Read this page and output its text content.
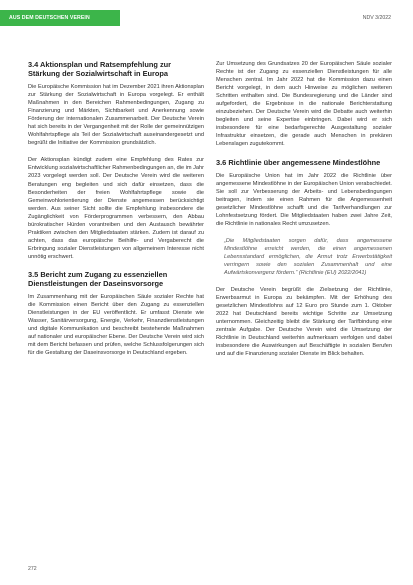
AUS DEM DEUTSCHEN VEREIN	NDV 3/2022
3.4 Aktionsplan und Ratsempfehlung zur Stärkung der Sozialwirtschaft in Europa

Die Europäische Kommission hat im Dezember 2021 ihren Aktionsplan zur Stärkung der Sozialwirtschaft in Europa vorgelegt. Er enthält Maßnahmen in den Bereichen Rahmenbedingungen, Zugang zu Finanzierung und Märkten, Sichtbarkeit und Anerkennung sowie Förderung der internationalen Zusammenarbeit. Der Deutsche Verein hat sich bereits in der Vergangenheit mit der Rolle der gemeinnützigen Wohlfahrtspflege als Teil der Sozialwirtschaft auseinandergesetzt und begrüßt die Initiative der Kommission grundsätzlich.

Der Aktionsplan kündigt zudem eine Empfehlung des Rates zur Entwicklung sozialwirtschaftlicher Rahmenbedingungen an, die im Jahr 2023 vorgelegt werden soll. Der Deutsche Verein wird die weiteren Beratungen eng begleiten und sich dafür einsetzen, dass die Besonderheiten der freien Wohlfahrtspflege sowie die Gemeinwohlorientierung der Dienste angemessen berücksichtigt werden. Aus seiner Sicht sollte die Empfehlung insbesondere die Zugänglichkeit von Förderprogrammen verbessern, den Abbau bürokratischer Hürden vorantreiben und den Austausch bewährter Praktiken zwischen den Mitgliedstaaten stärken. Zudem ist darauf zu achten, dass das europäische Beihilfe- und Vergaberecht die Erbringung sozialer Dienstleistungen von allgemeinem Interesse nicht unnötig erschwert.

3.5 Bericht zum Zugang zu essenziellen Dienstleistungen der Daseinsvorsorge

Im Zusammenhang mit der Europäischen Säule sozialer Rechte hat die Kommission einen Bericht über den Zugang zu essenziellen Dienstleistungen in der EU veröffentlicht. Er umfasst Dienste wie Wasser, Sanitärversorgung, Energie, Verkehr, Finanzdienstleistungen und digitale Kommunikation und beschreibt bestehende Maßnahmen auf nationaler und europäischer Ebene. Der Deutsche Verein wird sich mit dem Bericht befassen und prüfen, welche Schlussfolgerungen sich für die Gestaltung der Daseinsvorsorge in Deutschland ergeben.

Zur Umsetzung des Grundsatzes 20 der Europäischen Säule sozialer Rechte ist der Zugang zu essenziellen Dienstleistungen für alle Menschen zentral. Im Jahr 2022 hat die Kommission dazu einen Bericht vorgelegt, in dem auch Hinweise zu möglichen weiteren Schritten enthalten sind. Die Bundesregierung und die Länder sind aufgefordert, die Ergebnisse in die nationale Berichterstattung einzubeziehen. Der Deutsche Verein wird die Debatte auch weiterhin begleiten und seine Expertise einbringen. Dabei wird er sich insbesondere für eine bedarfsgerechte Ausgestaltung sozialer Infrastruktur einsetzen, die gerade auch Menschen in prekären Lebenslagen zugutekommt.

3.6 Richtlinie über angemessene Mindestlöhne

Die Europäische Union hat im Jahr 2022 die Richtlinie über angemessene Mindestlöhne in der Europäischen Union verabschiedet. Sie soll zur Verbesserung der Arbeits- und Lebensbedingungen beitragen, indem sie einen Rahmen für die Angemessenheit gesetzlicher Mindestlöhne schafft und die Tarifverhandlungen zur Lohnfestsetzung fördert. Die Mitgliedstaaten haben zwei Jahre Zeit, die Richtlinie in nationales Recht umzusetzen.

„Die Mitgliedstaaten sorgen dafür, dass angemessene Mindestlöhne erreicht werden, die einen angemessenen Lebensstandard ermöglichen, die Armut trotz Erwerbstätigkeit verringern sowie den sozialen Zusammenhalt und eine Aufwärtskonvergenz fördern.“ (Richtlinie (EU) 2022/2041)

Der Deutsche Verein begrüßt die Zielsetzung der Richtlinie, Erwerbsarmut in Europa zu bekämpfen. Mit der Erhöhung des gesetzlichen Mindestlohns auf 12 Euro pro Stunde zum 1. Oktober 2022 hat Deutschland bereits wichtige Schritte zur Umsetzung unternommen. Gleichzeitig bleibt die Stärkung der Tarifbindung eine zentrale Aufgabe. Der Deutsche Verein wird die Umsetzung der Richtlinie in Deutschland weiterhin aufmerksam verfolgen und dabei insbesondere die Auswirkungen auf Beschäftigte in sozialen Berufen und auf die Finanzierung sozialer Dienste im Blick behalten.

272
